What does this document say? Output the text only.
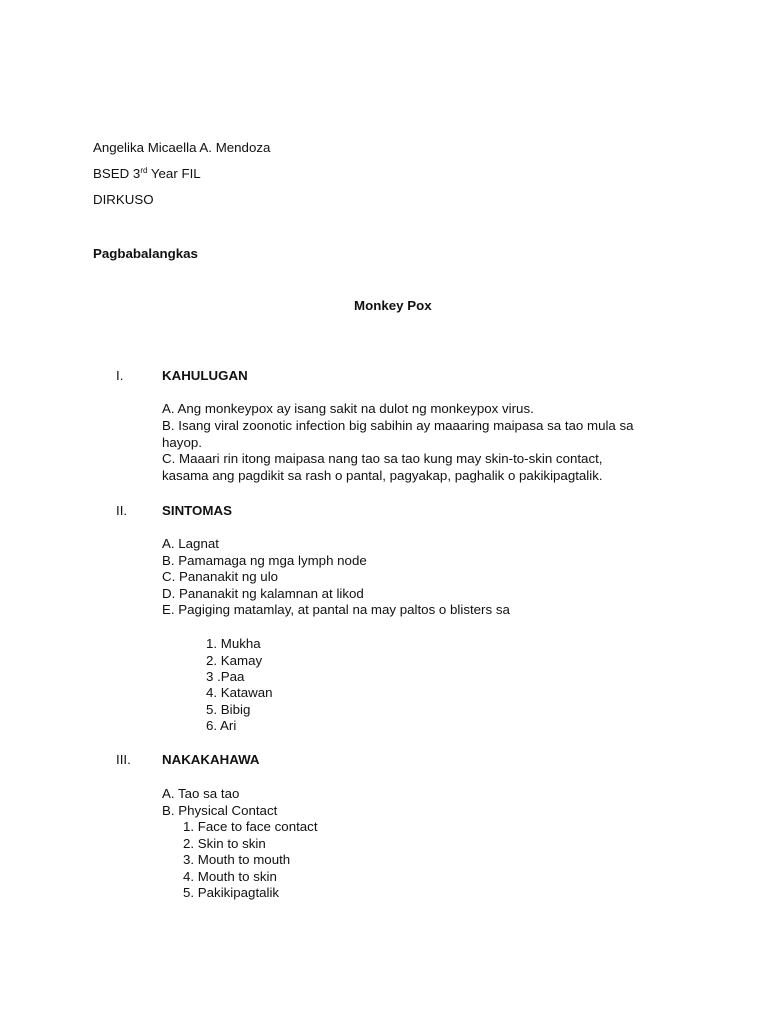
Angelika Micaella A. Mendoza
BSED 3rd Year FIL
DIRKUSO
Pagbabalangkas
Monkey Pox
I.	KAHULUGAN
A. Ang monkeypox ay isang sakit na dulot ng monkeypox virus.
B. Isang viral zoonotic infection big sabihin ay maaaring maipasa sa tao mula sa
hayop.
C. Maaari rin itong maipasa nang tao sa tao kung may skin-to-skin contact,
kasama ang pagdikit sa rash o pantal, pagyakap, paghalik o pakikipagtalik.
II.	SINTOMAS
A. Lagnat
B. Pamamaga ng mga lymph node
C. Pananakit ng ulo
D. Pananakit ng kalamnan at likod
E. Pagiging matamlay, at pantal na may paltos o blisters sa
1. Mukha
2. Kamay
3 .Paa
4. Katawan
5. Bibig
6. Ari
III. NAKAKAHAWA
A. Tao sa tao
B. Physical Contact
1. Face to face contact
2. Skin to skin
3. Mouth to mouth
4. Mouth to skin
5. Pakikipagtalik
